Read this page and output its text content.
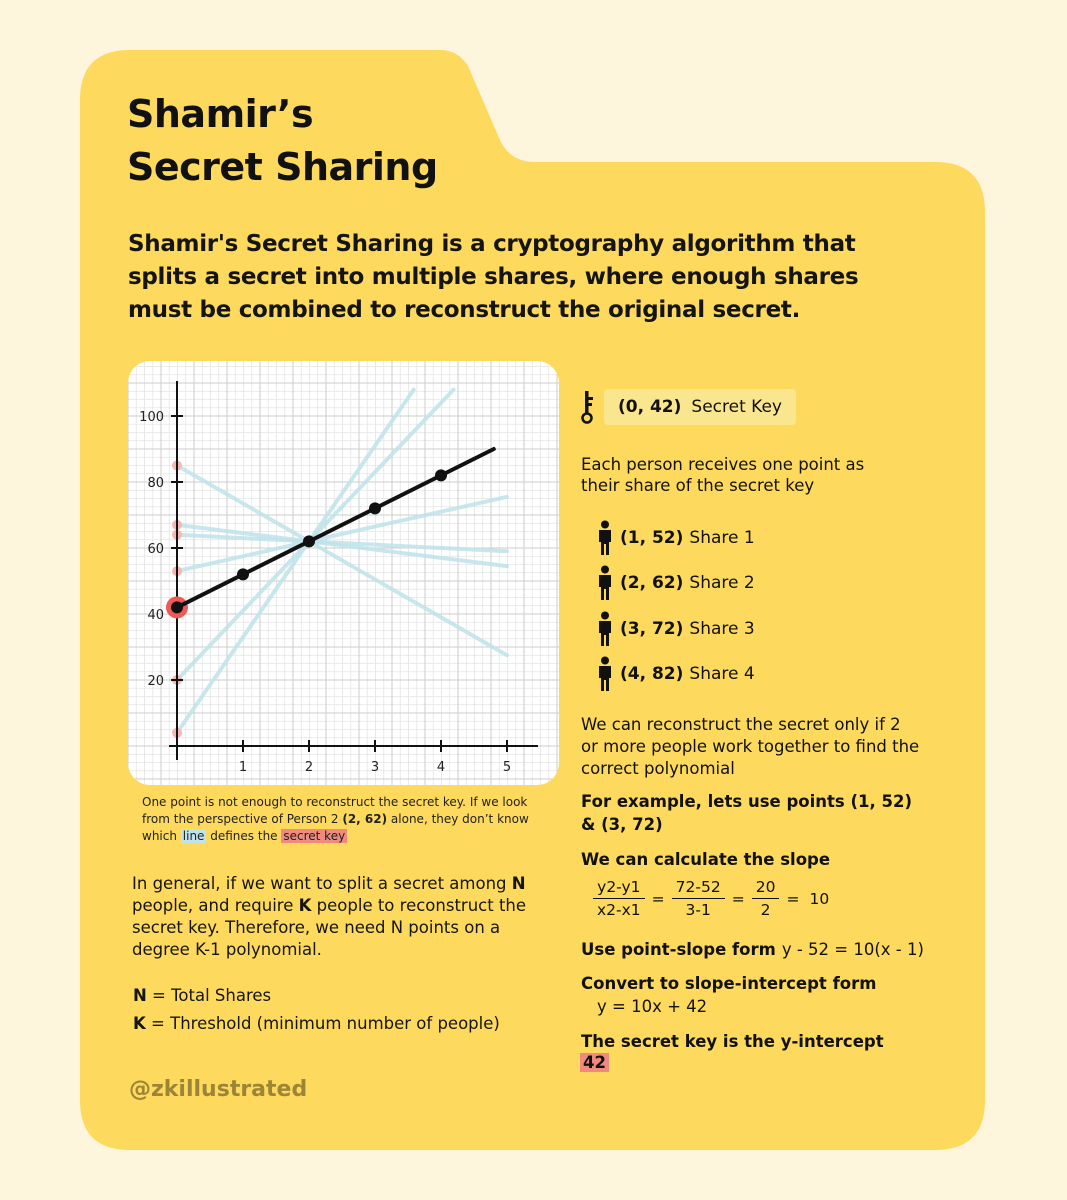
Shamir’s
Secret Sharing
Shamir's Secret Sharing is a cryptography algorithm that splits a secret into multiple shares, where enough shares must be combined to reconstruct the original secret.
1	2	3	4	5
20
40
60
80
100
One point is not enough to reconstruct the secret key. If we look from the perspective of Person 2 (2, 62) alone, they don’t know which line defines the secret key
In general, if we want to split a secret among N people, and require K people to reconstruct the secret key. Therefore, we need N points on a degree K-1 polynomial.
N = Total Shares
K = Threshold (minimum number of people)
@zkillustrated
(0, 42) Secret Key
Each person receives one point as their share of the secret key
(1, 52) Share 1
(2, 62) Share 2
(3, 72) Share 3
(4, 82) Share 4
We can reconstruct the secret only if 2 or more people work together to find the correct polynomial
For example, lets use points (1, 52)
& (3, 72)
We can calculate the slope
$\frac{y2-y1}{x2-x1} = \frac{72-52}{3-1} = \frac{20}{2} = 10$
Use point-slope form y - 52 = 10(x - 1)
Convert to slope-intercept form
y = 10x + 42
The secret key is the y-intercept
42
